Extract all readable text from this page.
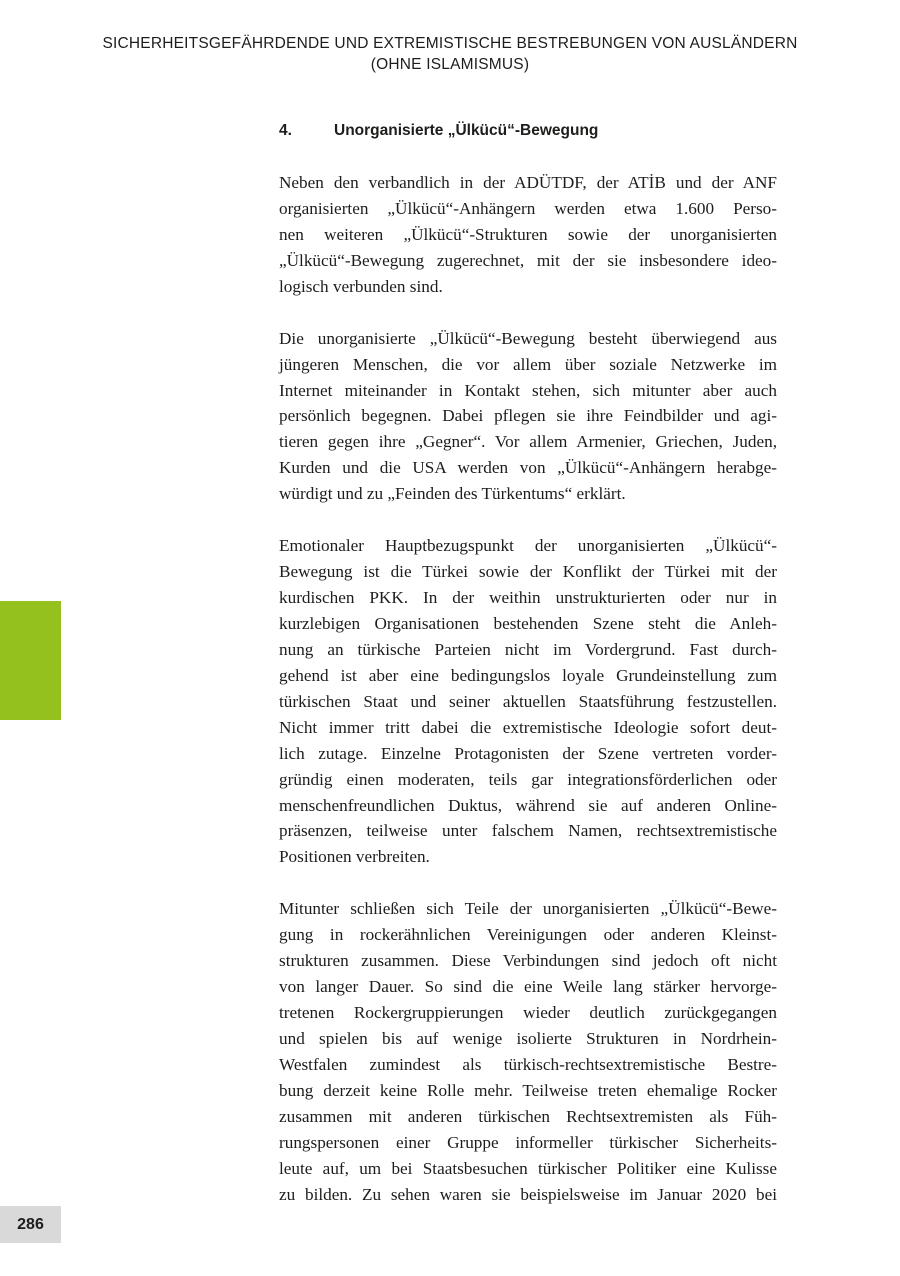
SICHERHEITSGEFÄHRDENDE UND EXTREMISTISCHE BESTREBUNGEN VON AUSLÄNDERN
(OHNE ISLAMISMUS)
4.	Unorganisierte „Ülkücü“-Bewegung

Neben den verbandlich in der ADÜTDF, der ATİB und der ANF
organisierten „Ülkücü“-Anhängern werden etwa 1.600 Perso-
nen weiteren „Ülkücü“-Strukturen sowie der unorganisierten
„Ülkücü“-Bewegung zugerechnet, mit der sie insbesondere ideo-
logisch verbunden sind.

Die unorganisierte „Ülkücü“-Bewegung besteht überwiegend aus
jüngeren Menschen, die vor allem über soziale Netzwerke im
Internet miteinander in Kontakt stehen, sich mitunter aber auch
persönlich begegnen. Dabei pflegen sie ihre Feindbilder und agi-
tieren gegen ihre „Gegner“. Vor allem Armenier, Griechen, Juden,
Kurden und die USA werden von „Ülkücü“-Anhängern herabge-
würdigt und zu „Feinden des Türkentums“ erklärt.

Emotionaler Hauptbezugspunkt der unorganisierten „Ülkücü“-
Bewegung ist die Türkei sowie der Konflikt der Türkei mit der
kurdischen PKK. In der weithin unstrukturierten oder nur in
kurzlebigen Organisationen bestehenden Szene steht die Anleh-
nung an türkische Parteien nicht im Vordergrund. Fast durch-
gehend ist aber eine bedingungslos loyale Grundeinstellung zum
türkischen Staat und seiner aktuellen Staatsführung festzustellen.
Nicht immer tritt dabei die extremistische Ideologie sofort deut-
lich zutage. Einzelne Protagonisten der Szene vertreten vorder-
gründig einen moderaten, teils gar integrationsförderlichen oder
menschenfreundlichen Duktus, während sie auf anderen Online-
präsenzen, teilweise unter falschem Namen, rechtsextremistische
Positionen verbreiten.

Mitunter schließen sich Teile der unorganisierten „Ülkücü“-Bewe-
gung in rockerähnlichen Vereinigungen oder anderen Kleinst-
strukturen zusammen. Diese Verbindungen sind jedoch oft nicht
von langer Dauer. So sind die eine Weile lang stärker hervorge-
tretenen Rockergruppierungen wieder deutlich zurückgegangen
und spielen bis auf wenige isolierte Strukturen in Nordrhein-
Westfalen zumindest als türkisch-rechtsextremistische Bestre-
bung derzeit keine Rolle mehr. Teilweise treten ehemalige Rocker
zusammen mit anderen türkischen Rechtsextremisten als Füh-
rungspersonen einer Gruppe informeller türkischer Sicherheits-
leute auf, um bei Staatsbesuchen türkischer Politiker eine Kulisse
zu bilden. Zu sehen waren sie beispielsweise im Januar 2020 bei

286
